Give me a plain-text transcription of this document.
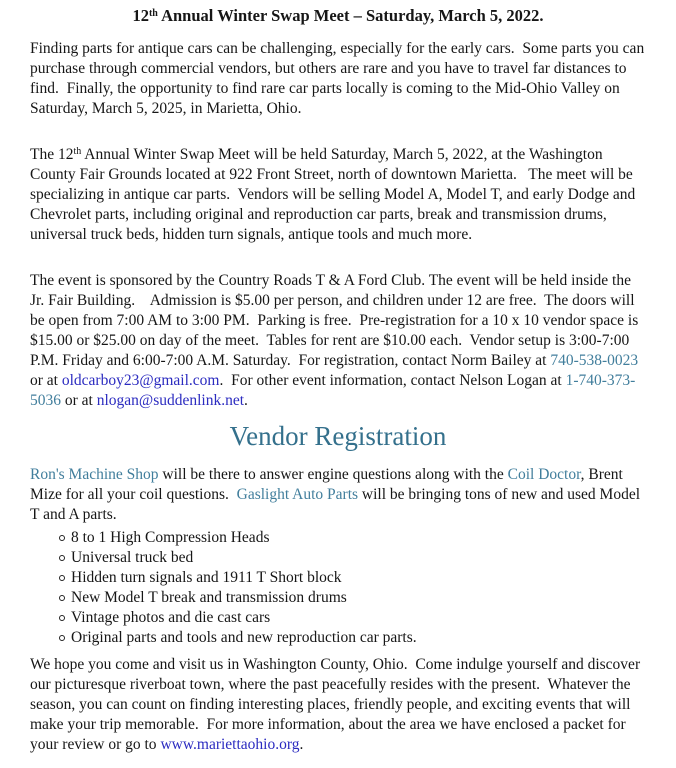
12th Annual Winter Swap Meet – Saturday, March 5, 2022.

Finding parts for antique cars can be challenging, especially for the early cars.  Some parts you can purchase through commercial vendors, but others are rare and you have to travel far distances to find.  Finally, the opportunity to find rare car parts locally is coming to the Mid-Ohio Valley on Saturday, March 5, 2025, in Marietta, Ohio.

The 12th Annual Winter Swap Meet will be held Saturday, March 5, 2022, at the Washington County Fair Grounds located at 922 Front Street, north of downtown Marietta.   The meet will be specializing in antique car parts.  Vendors will be selling Model A, Model T, and early Dodge and Chevrolet parts, including original and reproduction car parts, break and transmission drums, universal truck beds, hidden turn signals, antique tools and much more.

The event is sponsored by the Country Roads T & A Ford Club. The event will be held inside the Jr. Fair Building.    Admission is $5.00 per person, and children under 12 are free.  The doors will be open from 7:00 AM to 3:00 PM.  Parking is free.  Pre-registration for a 10 x 10 vendor space is $15.00 or $25.00 on day of the meet.  Tables for rent are $10.00 each.  Vendor setup is 3:00-7:00 P.M. Friday and 6:00-7:00 A.M. Saturday.  For registration, contact Norm Bailey at 740-538-0023 or at oldcarboy23@gmail.com.  For other event information, contact Nelson Logan at 1-740-373-5036 or at nlogan@suddenlink.net.

Vendor Registration

Ron's Machine Shop will be there to answer engine questions along with the Coil Doctor, Brent Mize for all your coil questions.  Gaslight Auto Parts will be bringing tons of new and used Model T and A parts.

8 to 1 High Compression Heads
Universal truck bed
Hidden turn signals and 1911 T Short block
New Model T break and transmission drums
Vintage photos and die cast cars
Original parts and tools and new reproduction car parts.

We hope you come and visit us in Washington County, Ohio.  Come indulge yourself and discover our picturesque riverboat town, where the past peacefully resides with the present.  Whatever the season, you can count on finding interesting places, friendly people, and exciting events that will make your trip memorable.  For more information, about the area we have enclosed a packet for your review or go to www.mariettaohio.org.
